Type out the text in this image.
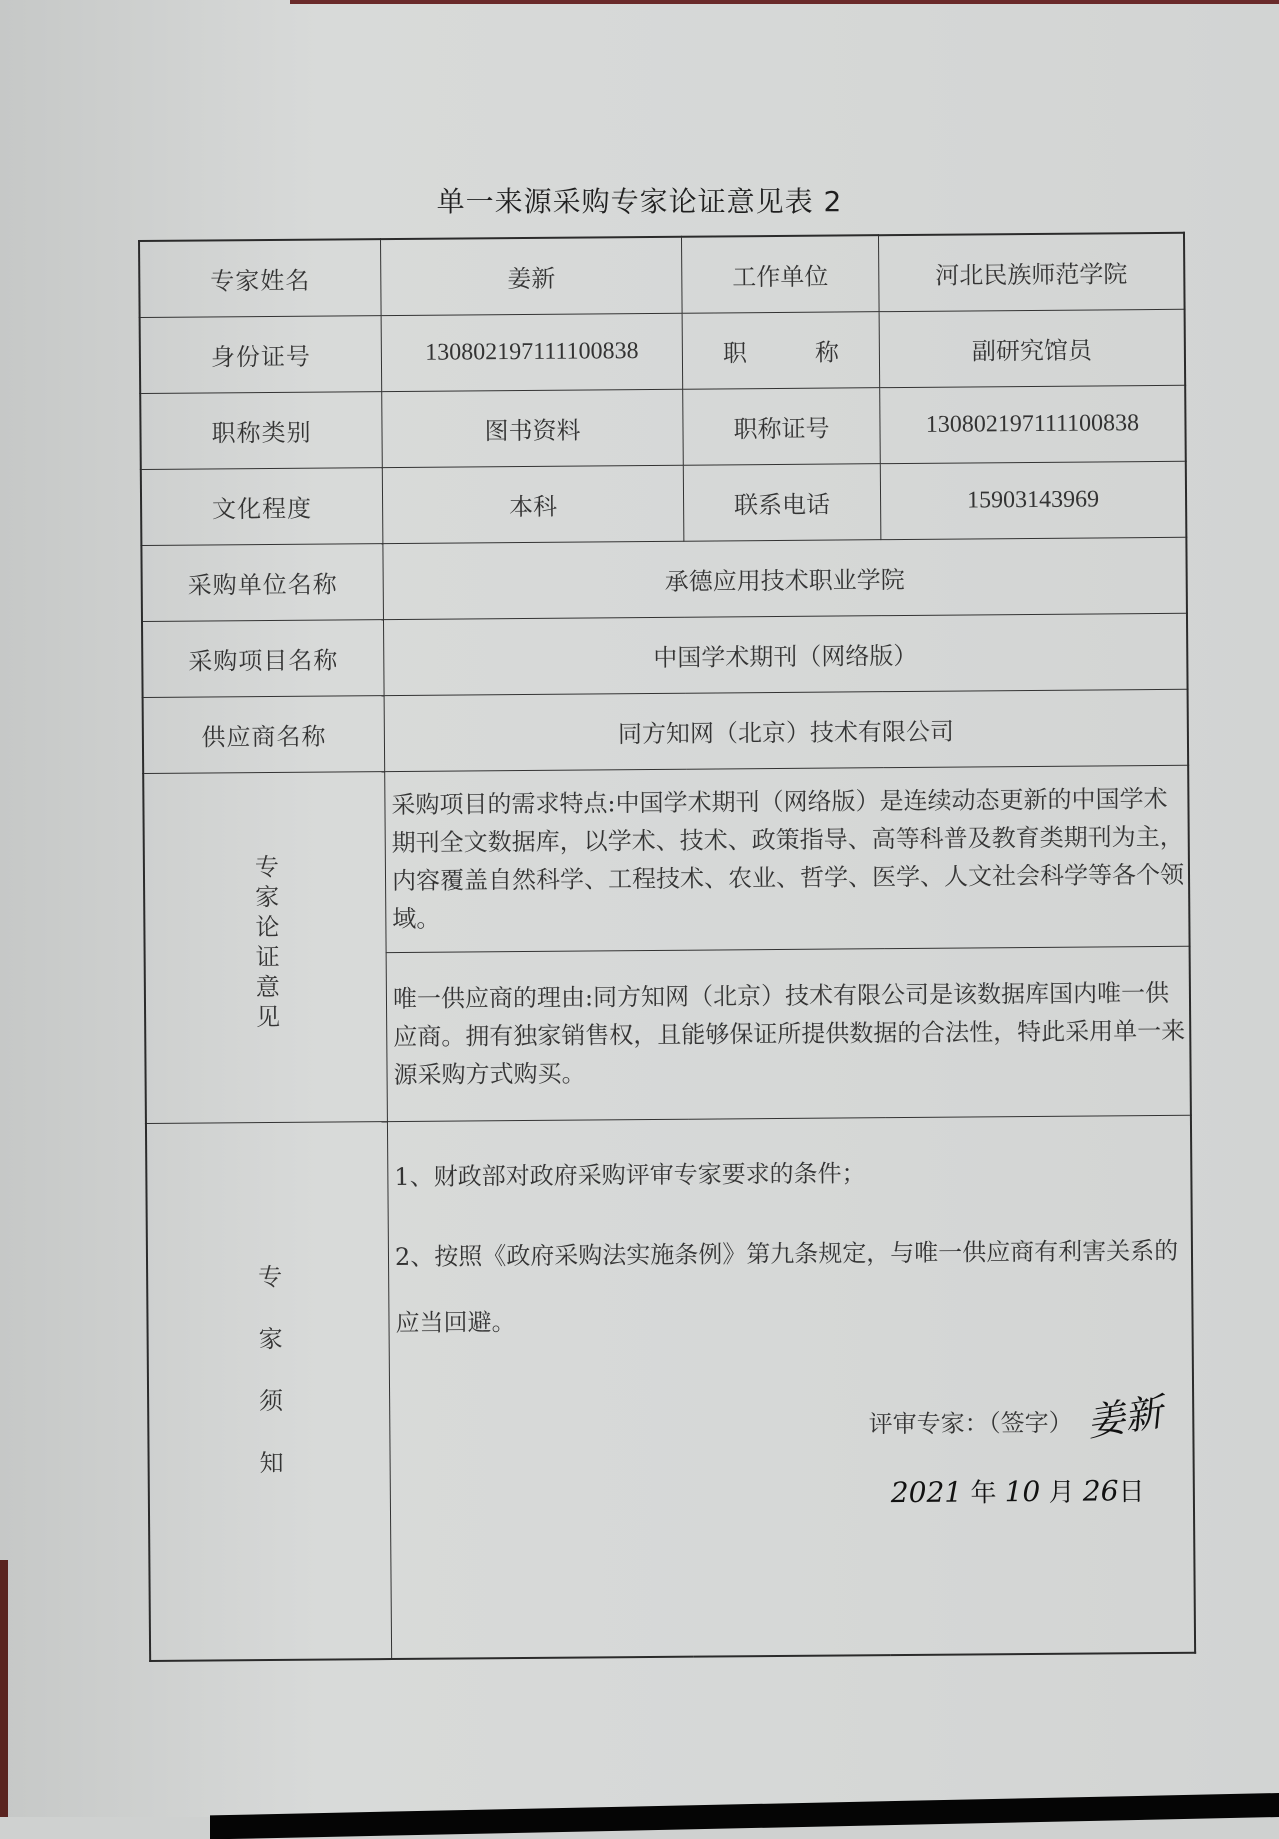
单一来源采购专家论证意见表 2
专家姓名	姜新	工作单位	河北民族师范学院
身份证号	130802197111100838	职 称	副研究馆员
职称类别	图书资料	职称证号	130802197111100838
文化程度	本科	联系电话	15903143969
采购单位名称	承德应用技术职业学院		
采购项目名称	中国学术期刊（网络版）		
供应商名称	同方知网（北京）技术有限公司		
专家论证意见	采购项目的需求特点:中国学术期刊（网络版）是连续动态更新的中国学术期刊全文数据库，以学术、技术、政策指导、高等科普及教育类期刊为主，内容覆盖自然科学、工程技术、农业、哲学、医学、人文社会科学等各个领域。		
	唯一供应商的理由:同方知网（北京）技术有限公司是该数据库国内唯一供应商。拥有独家销售权，且能够保证所提供数据的合法性，特此采用单一来源采购方式购买。		
专家须知	1、财政部对政府采购评审专家要求的条件；

2、按照《政府采购法实施条例》第九条规定，与唯一供应商有利害关系的应当回避。

评审专家：（签字） 姜新
2021 年 10 月 26日		
